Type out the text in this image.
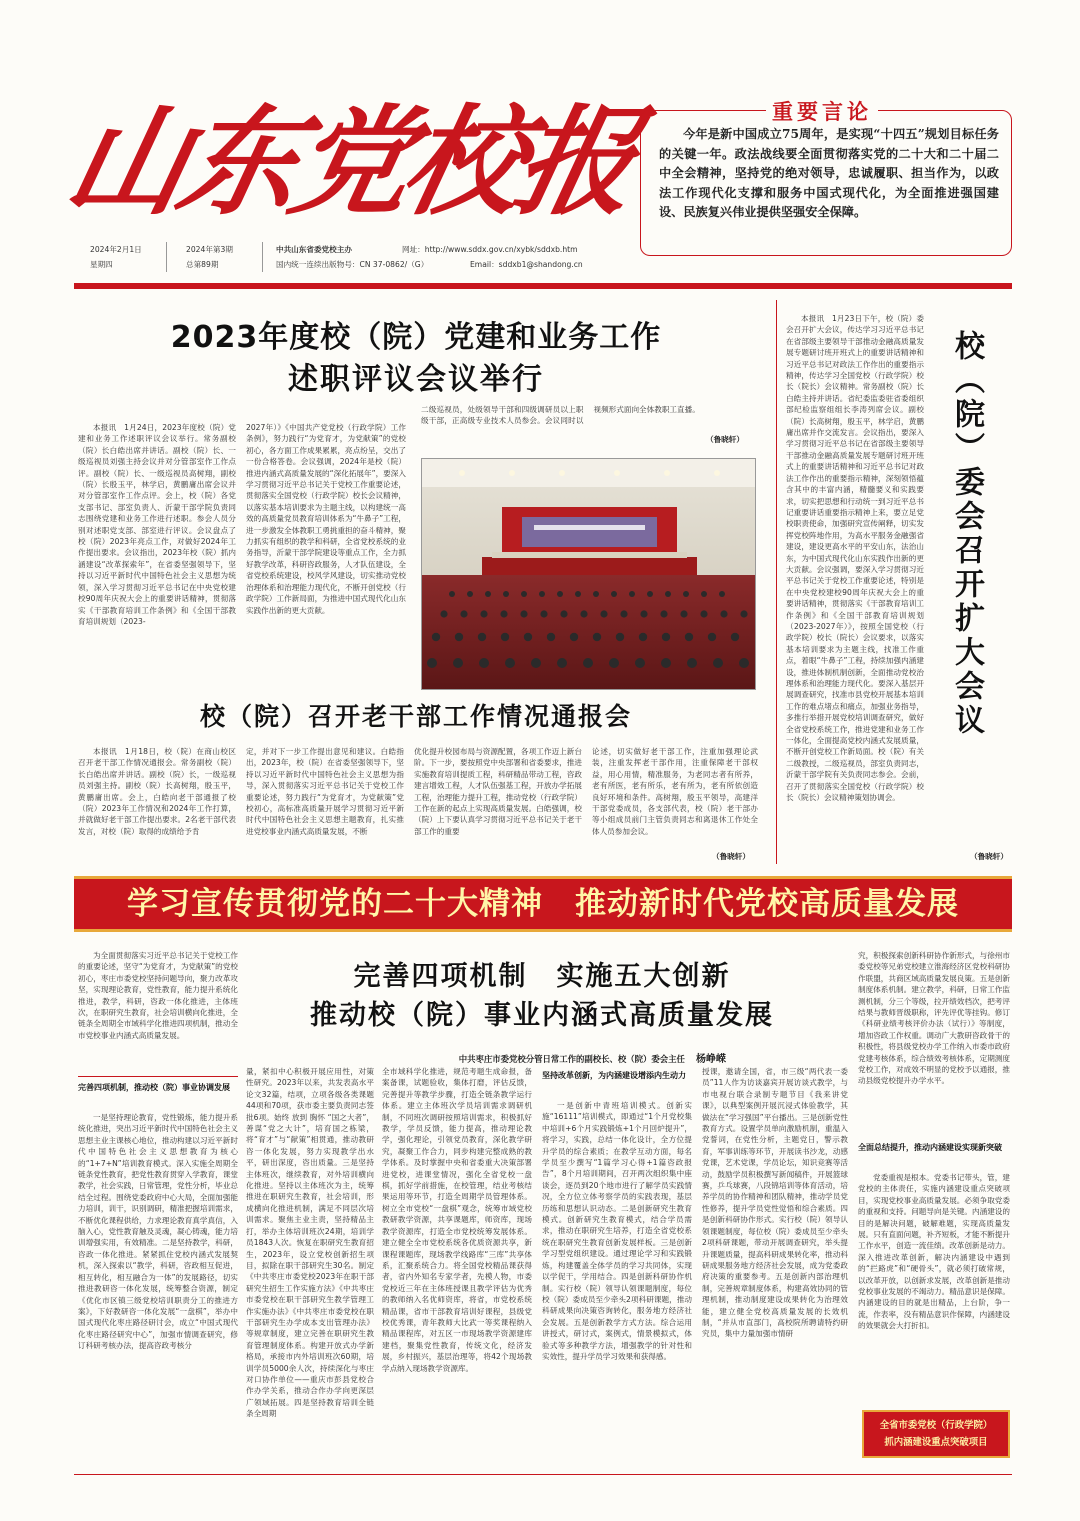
山东党校报
2024年2月1日
星期四
2024年第3期
总第89期
中共山东省委党校主办
国内统一连续出版物号：CN 37-0862/（G）
网址：http://www.sddx.gov.cn/xybk/sddxb.htm
Email：sddxb1@shandong.cn
重要言论
今年是新中国成立75周年，是实现“十四五”规划目标任务的关键一年。政法战线要全面贯彻落实党的二十大和二十届二中全会精神，坚持党的绝对领导，忠诚履职、担当作为，以政法工作现代化支撑和服务中国式现代化，为全面推进强国建设、民族复兴伟业提供坚强安全保障。
2023年度校（院）党建和业务工作
述职评议会议举行
本报讯　1月24日，2023年度校（院）党建和业务工作述职评议会议举行。常务副校（院）长白皓出席并讲话。副校（院）长、一级巡视员刘强主持会议并对分管部室作工作点评。副校（院）长、一级巡视员高树翔，副校（院）长殷玉平，林学启，黄鹏庸出席会议并对分管部室作工作点评。会上，校（院）各党支部书记、部室负责人、沂蒙干部学院负责同志围绕党建和业务工作进行述职。参会人员分别对述职党支部、部室进行评议。会议盘点了校（院）2023年亮点工作，对做好2024年工作提出要求。会议指出，2023年校（院）抓内涵建设“改革探索年”，在省委坚强领导下，坚持以习近平新时代中国特色社会主义思想为统领，深入学习贯彻习近平总书记在中央党校建校90周年庆祝大会上的重要讲话精神，贯彻落实《干部教育培训工作条例》和《全国干部教育培训规划（2023-
2027年）》《中国共产党党校（行政学院）工作条例》，努力践行“为党育才，为党献策”的党校初心，各方面工作成果累累，亮点纷呈，交出了一份合格答卷。会议强调，2024年是校（院）推进内涵式高质量发展的“深化拓展年”，要深入学习贯彻习近平总书记关于党校工作重要论述，贯彻落实全国党校（行政学院）校长会议精神，以落实基本培训要求为主题主线，以构建统一高效的高质量党员教育培训体系为“牛鼻子”工程，进一步激发全体教职工勇挑重担的奋斗精神，聚力抓实有组织的教学和科研，全省党校系统的业务指导，沂蒙干部学院建设等重点工作，全力抓好教学改革，科研咨政服务，人才队伍建设，全省党校系统建设，校风学风建设，切实推动党校治理体系和治理能力现代化，不断开创党校（行政学院）工作新局面，为推进中国式现代化山东实践作出新的更大贡献。
二级巡视员，处级领导干部和四级调研员以上职级干部，正高级专业技术人员参会。会议同时以视频形式面向全体教职工直播。
（鲁晓轩）
本报讯　1月23日下午，校（院）委会召开扩大会议，传达学习习近平总书记在省部级主要领导干部推动金融高质量发展专题研讨班开班式上的重要讲话精神和习近平总书记对政法工作作出的重要指示精神，传达学习全国党校（行政学院）校长（院长）会议精神。常务副校（院）长白皓主持并讲话。省纪委监委驻省委组织部纪检监察组组长李涛列席会议。副校（院）长高树翔，殷玉平，林学启，黄鹏庸出席并作交流发言。会议指出，要深入学习贯彻习近平总书记在省部级主要领导干部推动金融高质量发展专题研讨班开班式上的重要讲话精神和习近平总书记对政法工作作出的重要指示精神，深刻领悟蕴含其中的丰富内涵，精髓要义和实践要求，切实把思想和行动统一到习近平总书记重要讲话重要指示精神上来，要立足党校职责使命，加强研究宣传阐释，切实发挥党校阵地作用，为高水平服务金融强省建设，建设更高水平的平安山东，法治山东，为中国式现代化山东实践作出新的更大贡献。会议强调，要深入学习贯彻习近平总书记关于党校工作重要论述，特别是在中央党校建校90周年庆祝大会上的重要讲话精神，贯彻落实《干部教育培训工作条例》和《全国干部教育培训规划（2023-2027年）》，按照全国党校（行政学院）校长（院长）会议要求，以落实基本培训要求为主题主线，找准工作重点，着眼“牛鼻子”工程，持续加强内涵建设，推进体制机制创新，全面推动党校治理体系和治理能力现代化。要深入基层开展调查研究，找准市县党校开展基本培训工作的难点堵点和痛点，加强业务指导，多推行举措开展党校培训调查研究，做好全省党校系统工作，推进党建和业务工作一体化，全面提高党校内涵式发展质量，不断开创党校工作新局面。校（院）有关二级教授，二级巡视员，部室负责同志，沂蒙干部学院有关负责同志参会。会前，召开了贯彻落实全国党校（行政学院）校长（院长）会议精神策划协调会。
（鲁晓轩）
校（院）委会召开扩大会议
校（院）召开老干部工作情况通报会
本报讯　1月18日，校（院）在商山校区召开老干部工作情况通报会。常务副校（院）长白皓出席并讲话。副校（院）长，一级巡视员刘强主持。副校（院）长高树翔，殷玉平，黄鹏庸出席。会上，白皓向老干部通报了校（院）2023年工作情况和2024年工作打算，并就做好老干部工作提出要求。2名老干部代表发言，对校（院）取得的成绩给予肯
定，并对下一步工作提出意见和建议。白皓指出，2023年，校（院）在省委坚强领导下，坚持以习近平新时代中国特色社会主义思想为指导，深入贯彻落实习近平总书记关于党校工作重要论述，努力践行“为党育才，为党献策”党校初心，高标准高质量开展学习贯彻习近平新时代中国特色社会主义思想主题教育，扎实推进党校事业内涵式高质量发展，不断
优化提升校园布局与资源配置，各项工作迈上新台阶。下一步，要按照党中央部署和省委要求，推进实施教育培训提质工程，科研精品带动工程，咨政建言增效工程，人才队伍强基工程，开放办学拓展工程，治理能力提升工程，推动党校（行政学院）工作在新的起点上实现高质量发展。白皓强调，校（院）上下要认真学习贯彻习近平总书记关于老干部工作的重要
论述，切实做好老干部工作，注重加强理论武装，注重发挥老干部作用，注重保障老干部权益，用心用情，精准服务，为老同志者有所养，老有所医，老有所乐，老有所为，老有所依创造良好环境和条件。高树翔，殷玉平领导，高建洋干部党委成员，各支部代表，校（院）老干部办等小组成员前门主管负责同志和离退休工作处全体人员参加会议。
（鲁晓轩）
学习宣传贯彻党的二十大精神　推动新时代党校高质量发展
为全面贯彻落实习近平总书记关于党校工作的重要论述，坚守“为党育才，为党献策”的党校初心，枣庄市委党校坚持问题导向，聚力改革攻坚，实现理论教育，党性教育，能力提升系统化推进，教学，科研，咨政一体化推进，主体班次，在职研究生教育，社会培训横向化推进，全链条全周期全市域科学化推进四项机制，推动全市党校事业内涵式高质量发展。
完善四项机制　实施五大创新
推动校（院）事业内涵式高质量发展
中共枣庄市委党校分管日常工作的副校长、校（院）委会主任 杨峥嵘
完善四项机制，推动校（院）事业协调发展
一是坚持理论教育，党性锻炼，能力提升系统化推进，突出习近平新时代中国特色社会主义思想主业主课核心地位，推动构建以习近平新时代中国特色社会主义思想教育为核心的“1+7+N”培训教育模式。深入实施全周期全链条党性教育，把党性教育贯穿入学教育，课堂教学，社会实践，日常管理，党性分析，毕业总结全过程。围绕党委政府中心大局，全面加强能力培训，训干，识别调研，精准把握培训需求，不断优化课程供给，力求理论教育真学真信，入脑入心，党性教育触及灵魂，凝心铸魂，能力培训增强实用，有效精准。二是坚持教学，科研，咨政一体化推进。紧紧抓住党校内涵式发展契机，深入探索以“教学，科研，咨政相互促进，相互转化，相互融合为一体”的发展路径，切实推进教研咨一体化发展，统筹整合资源，制定《优化市区镇三级党校培训职责分工的推进方案》，下好教研咨一体化发展“一盘棋”，举办中国式现代化枣庄路径研讨会，成立“中国式现代化枣庄路径研究中心”，加强市情调查研究，修订科研考核办法，提高咨政考核分
量，紧扣中心积极开展应用性，对策性研究。2023年以来，共发表高水平论文32篇，结项，立项各级各类课题44项和70项，获市委主要负责同志签批6项。始终 放到 胸怀 “国之大者”，善谋“党之大计”，培育国之栋梁，将“育才”与“献策”相贯通，推动教研咨一体化发展，努力实现教学出水平，研出深度，咨出质量。三是坚持主体班次，继续教育，对外培训横向化推进。坚持以主体班次为主，统筹推进在职研究生教育，社会培训，形成横向化推进机制，满足不同层次培训需求。聚焦主业主责，坚持精品主打，举办主体培训班次24期，培训学员1843人次。恢复在职研究生教育招生，2023年，设立党校创新招生项目，拟除在职干部研究生30名。制定《中共枣庄市委党校2023年在职干部研究生招生工作实施方法》《中共枣庄市委党校在职干部研究生教学管理工作实施办法》《中共枣庄市委党校在职干部研究生办学成本支出管理办法》等规章制度，建立完善在职研究生教育管理制度体系。构建开放式办学新格局，承接市内外培训班次60期，培训学员5000余人次，持续深化与枣庄对口协作单位——重庆市彭县党校合作办学关系，推动合作办学向更深层广领域拓展。四是坚持教育培训全链条全周期
全市域科学化推进，规范考题生成命报，备案备课，试题验收，集体打磨，评估反馈，完善提升等教学步骤，打造全链条教学运行体系。建立主体班次学员培训需求调研机制，不同班次调研按照培训需求，积极抓好教学，学员反馈，能力提高，推动理论教学，强化理论，引领党员教育，深化教学研究，凝聚工作合力，同步构建完整成熟的教学体系。及时掌握中央和省委重大决策部署进党校，进课堂情况，强化全省党校一盘棋，抓好学前措施，在校管理，结业考核结果运用等环节，打造全周期学员管理体系。树立全市党校“一盘棋”观念，统筹市域党校教研教学资源，共享课题库，师资库，现场教学资源库，打造全市党校统筹发展体系。建立健全全市党校系统各优质资源共享，新课程课题库，现场教学线路库“三库”共享体系，汇聚系统合力。将全国党校精品课获得者，省内外知名专家学者，先模人物，市委党校近三年在主体班授课且教学评估为优秀的教师纳入名优师资库，将省，市党校系统精品课，省市干部教育培训好课程，县级党校优秀课，青年教师大比武一等奖课程纳入精品课程库，对五区一市现场教学资源建库建档，聚集党性教育，传统文化，经济发展，乡村振兴，基层治理等，将42个现场教学点纳入现场教学资源库。
坚持改革创新，为内涵建设增添内生动力
一是创新中青班培训模式。创新实施“16111”培训模式，即通过“1个月党校集中培训+6个月实践锻炼+1个月回炉提升”，将学习，实践，总结一体化设计，全方位提升学员的综合素质；在教学互动方面，每名学员至少撰写“1篇学习心得+1篇咨政报告”，8个月培训期间，召开两次组织集中座谈会，逐员到20个地市进行了解学员实践情况，全方位立体考察学员的实践表现，基层历练和思想认识动态。二是创新研究生教育模式。创新研究生教育模式，结合学员需求，推动在职研究生培养，打造全省党校系统在职研究生教育创新发展样板。三是创新学习型党组织建设。通过理论学习和实践锻炼，构建覆盖全体学员的学习共同体，实现以学促干，学用结合。四是创新科研协作机制。实行校（院）领导认领课题制度，每位校（院）委成员至少牵头2项科研课题，推动科研成果向决策咨询转化，服务地方经济社会发展。五是创新教学方式方法。综合运用讲授式，研讨式，案例式，情景模拟式，体验式等多种教学方法，增强教学的针对性和实效性，提升学员学习效果和获得感。
授课，邀请全国，省，市三级“两代表一委员”11人作为访谈嘉宾开展访谈式教学，与市电视台联合录制专题节目《我来讲党课》，以典型案例开展沉浸式体验教学，其做法在“学习强国”平台播出。三是创新党性教育方式。设置学员单向激励机制，重温入党誓词，在党性分析，主题党日，警示教育，军事训练等环节，开展读书沙龙，动感党课，艺术党课，学员论坛，知识竞赛等活动，鼓励学员积极撰写新闻稿件，开展篮球赛，乒乓球赛，八段锦培训等体育活动，培养学员的协作精神和团队精神，推动学员党性修养，提升学员党性觉悟和综合素质。四是创新科研协作形式。实行校（院）领导认领课题制度，每位校（院）委成员至少牵头2项科研课题，带动开展调查研究，举头提升课题质量，提高科研成果转化率，推动科研成果服务地方经济社会发展，成为党委政府决策的重要参考。五是创新内部治理机制，完善规章制度体系，构建高效协同的管理机制，推动制度建设成果转化为治理效能，建立健全党校高质量发展的长效机制，“并从市直部门，高校院所聘请特约研究员，集中力量加强市情研
究，积极探索创新科研协作新形式，与徐州市委党校等兄弟党校建立淮海经济区党校科研协作联盟，共商区域高质量发展良策。五是创新制度体系机制。建立教学，科研，日常工作监测机制，分三个等级，拉开绩效档次，把考评结果与教师晋级职称，评先评优等挂钩。修订《科研业绩考核评价办法（试行）》等制度，增加咨政工作权重。调动广大教研咨政骨干的积极性，将县级党校办学工作纳入市委市政府党建考核体系，综合绩效考核体系，定期测度党校工作，对成效不明显的党校予以通报，推动县级党校提升办学水平。
全面总结提升，推动内涵建设实现新突破
党委重视是根本。党委书记带头，管，建党校的主体责任，实施内涵建设重点突破项目，实现党校事业高质量发展。必须争取党委的重视和支持。问题导向是关键。内涵建设的目的是解决问题，破解难题，实现高质量发展。只有直面问题，补齐短板，才能不断提升工作水平，创造一流佳绩。改革创新是动力。深入推进改革创新，解决内涵建设中遇到的“拦路虎”和“硬骨头”，就必须打破常规，以改革开放，以创新求发展，改革创新是推动党校事业发展的不竭动力。精品意识是保障。内涵建设的目的就是出精品，上台阶，争一流，作表率，没有精品意识作保障，内涵建设的效果就会大打折扣。
全省市委党校（行政学院）
抓内涵建设重点突破项目
